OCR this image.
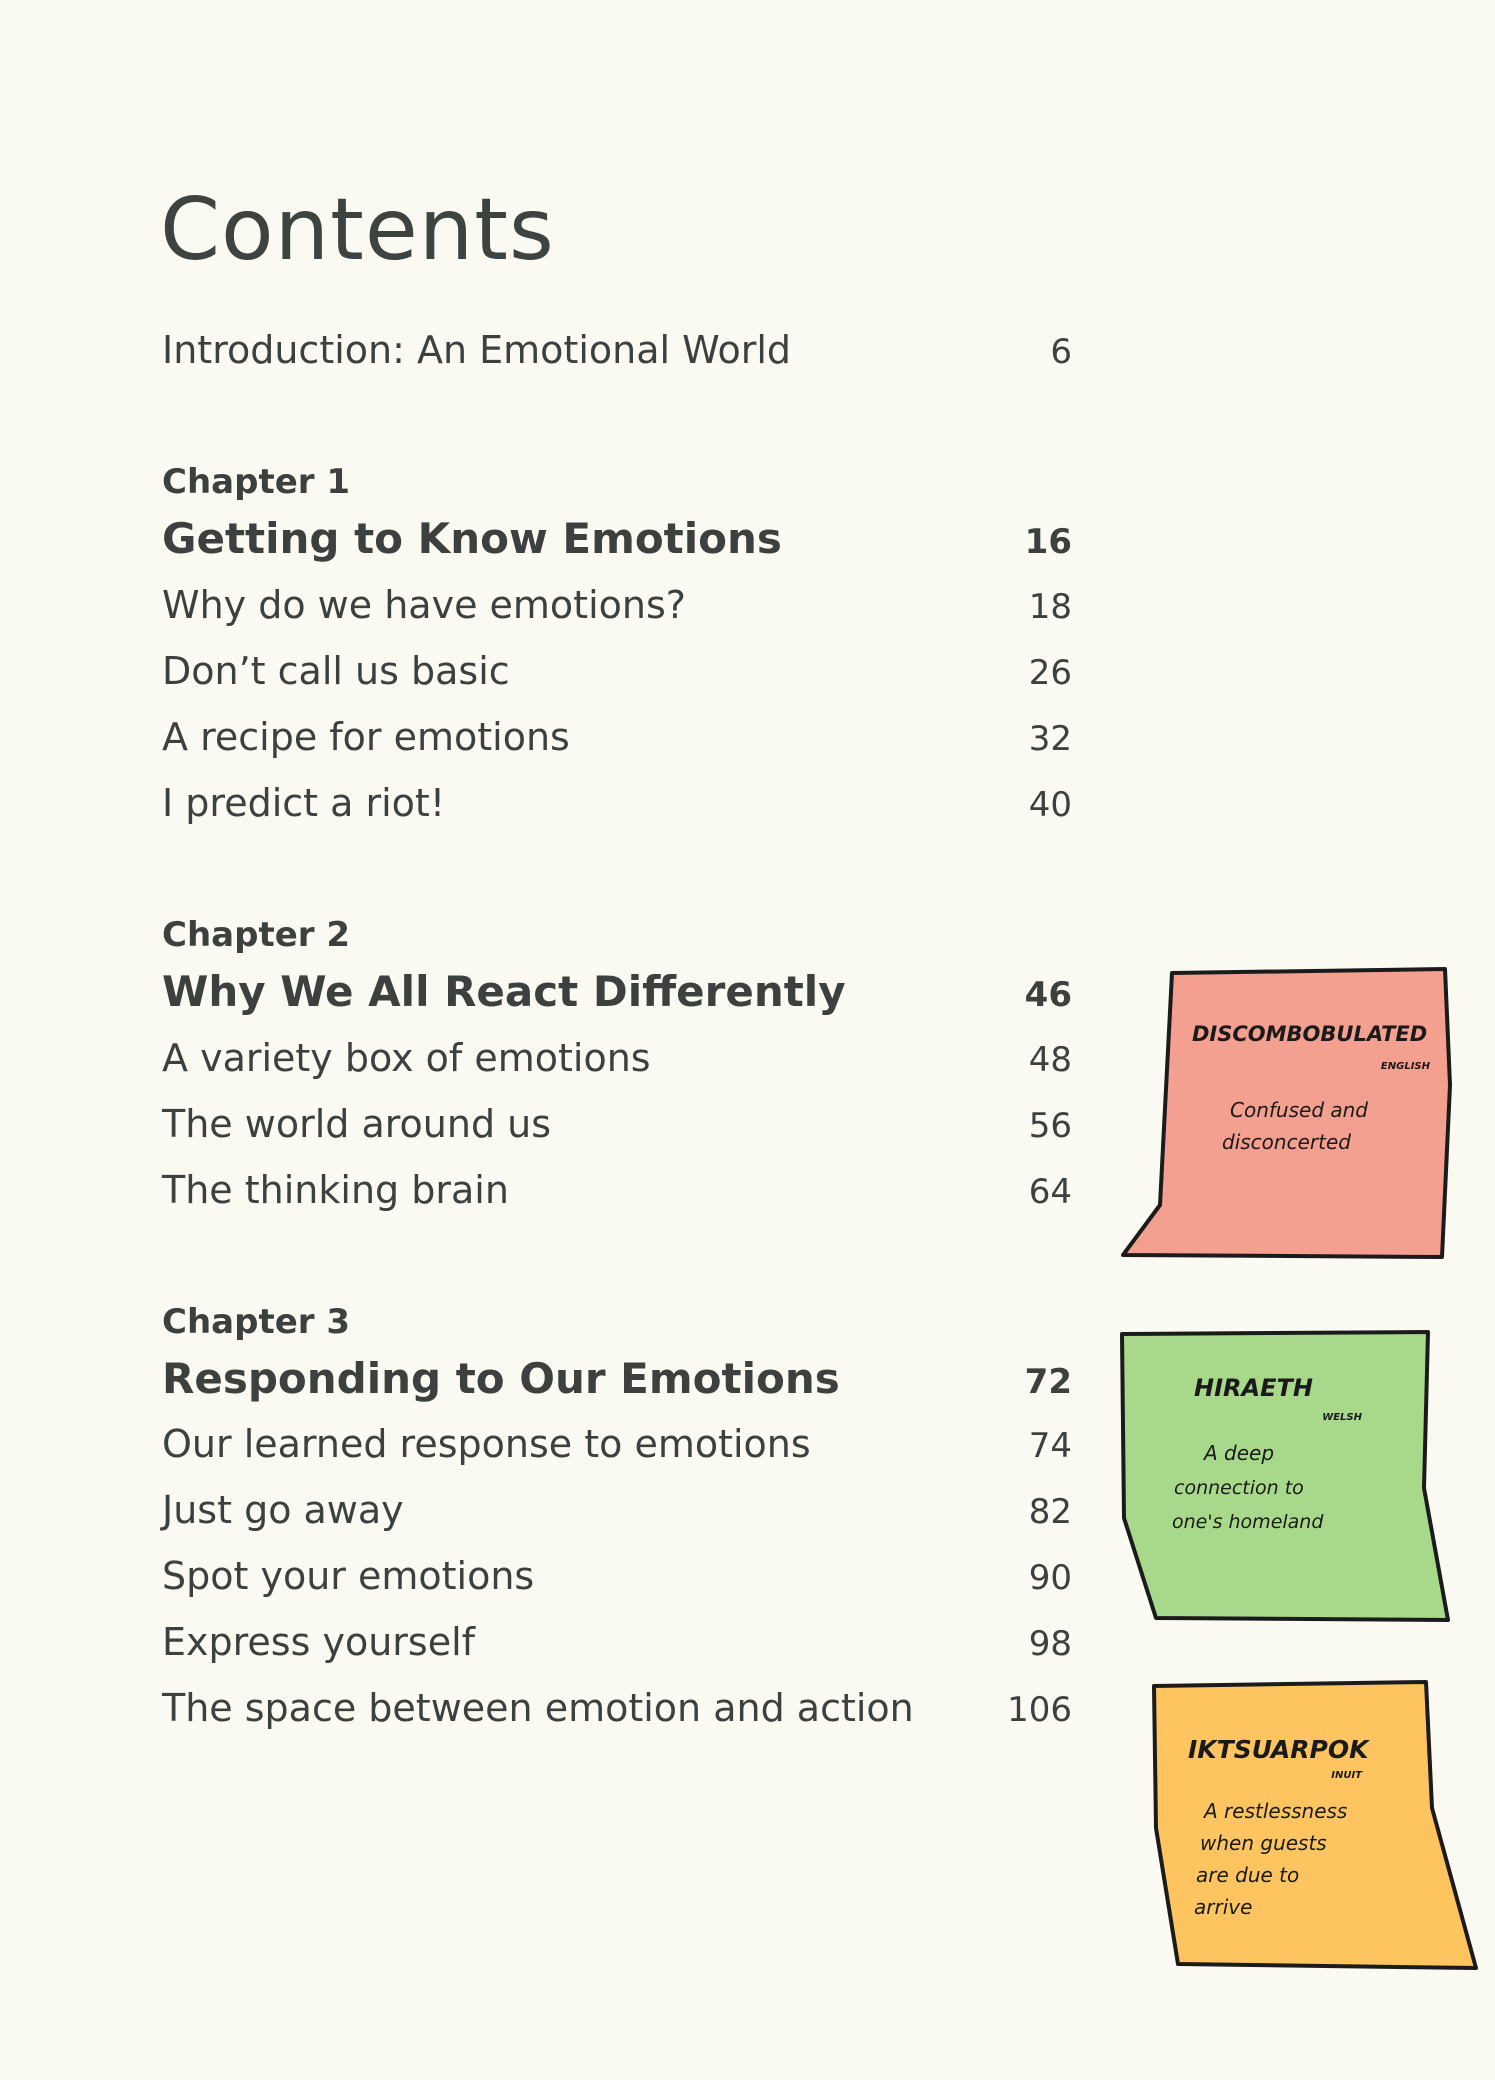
Contents
Introduction: An Emotional World	6
Chapter 1
Getting to Know Emotions	16
Why do we have emotions?	18
Don’t call us basic	26
A recipe for emotions	32
I predict a riot!	40
Chapter 2
Why We All React Differently	46
A variety box of emotions	48
The world around us	56
The thinking brain	64
Chapter 3
Responding to Our Emotions	72
Our learned response to emotions	74
Just go away	82
Spot your emotions	90
Express yourself	98
The space between emotion and action	106
DISCOMBOBULATED
ENGLISH
Confused and
disconcerted
HIRAETH
WELSH
A deep
connection to
one's homeland
IKTSUARPOK
INUIT
A restlessness
when guests
are due to
arrive
